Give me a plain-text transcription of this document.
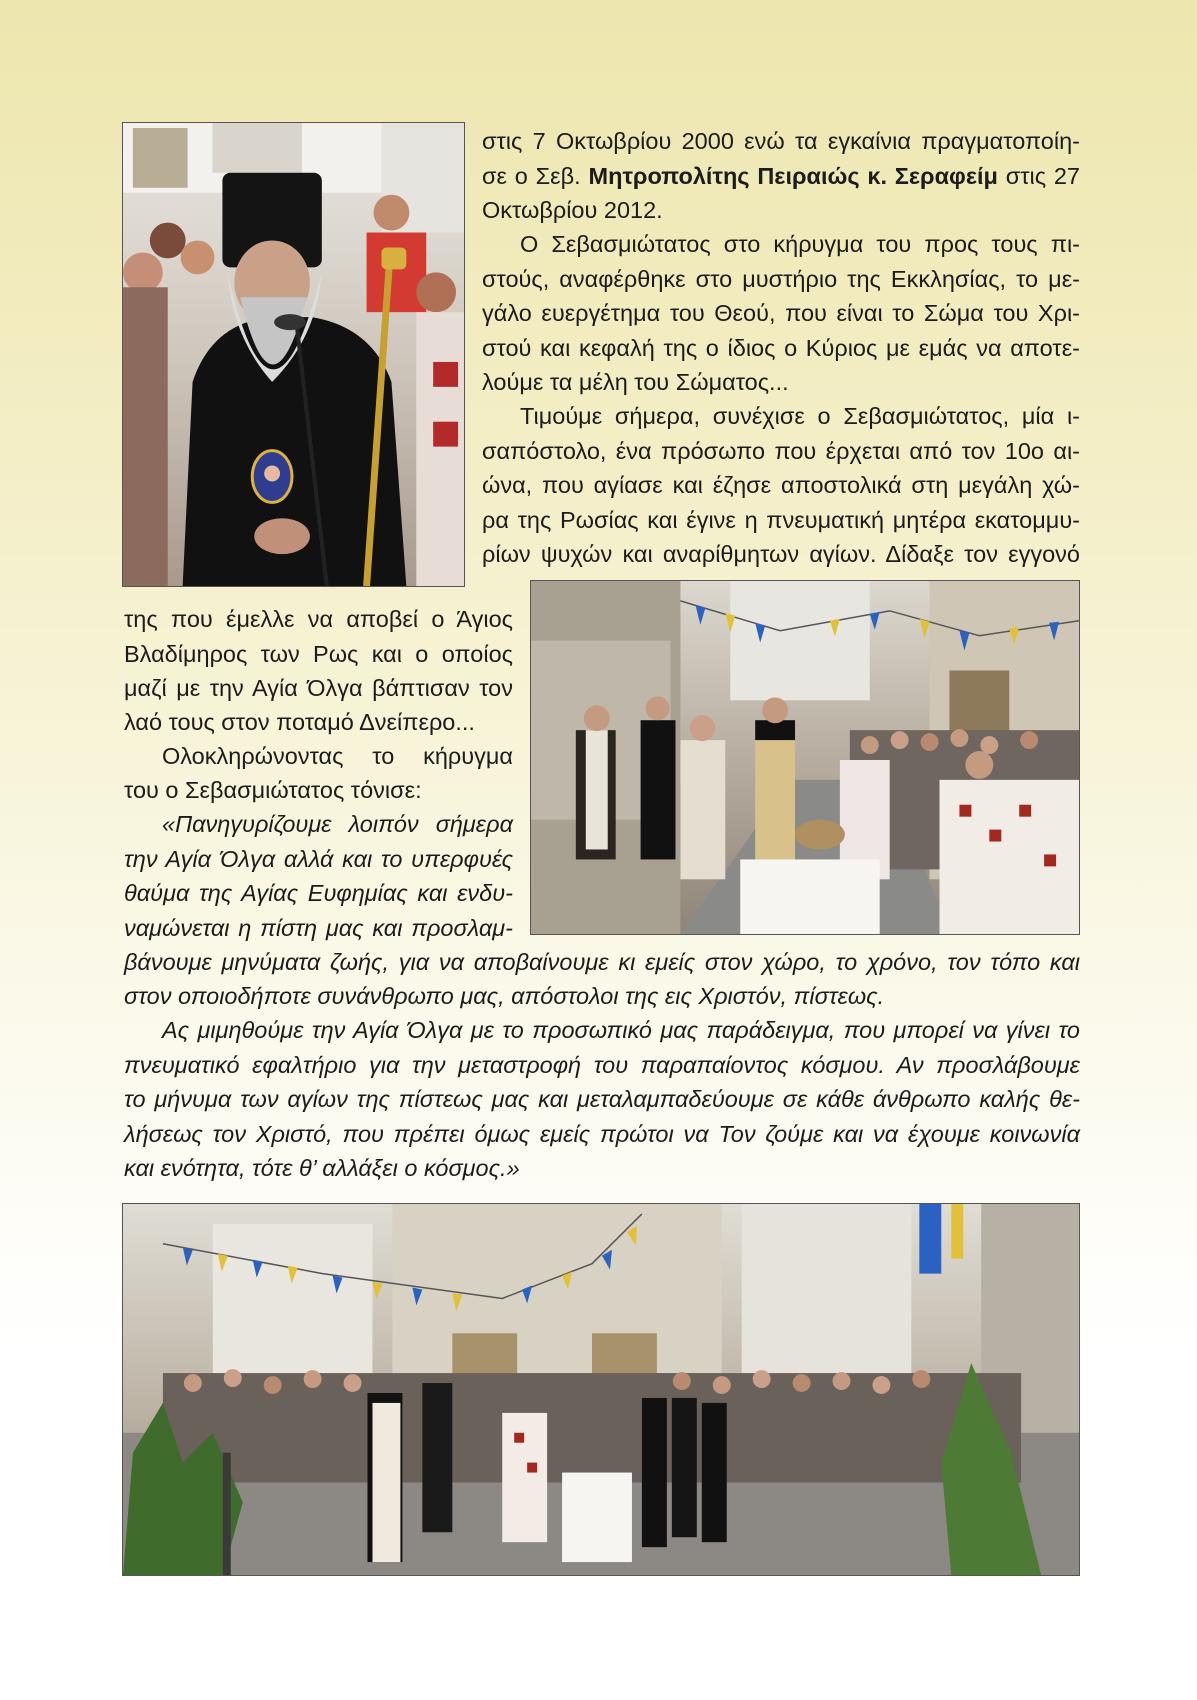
στις 7 Οκτωβρίου 2000 ενώ τα εγκαίνια πραγματοποίη-
σε ο Σεβ. Μητροπολίτης Πειραιώς κ. Σεραφείμ στις 27
Οκτωβρίου 2012.
Ο Σεβασμιώτατος στο κήρυγμα του προς τους πι-
στούς, αναφέρθηκε στο μυστήριο της Εκκλησίας, το με-
γάλο ευεργέτημα του Θεού, που είναι το Σώμα του Χρι-
στού και κεφαλή της ο ίδιος ο Κύριος με εμάς να αποτε-
λούμε τα μέλη του Σώματος...
Τιμούμε σήμερα, συνέχισε ο Σεβασμιώτατος, μία ι-
σαπόστολο, ένα πρόσωπο που έρχεται από τον 10ο αι-
ώνα, που αγίασε και έζησε αποστολικά στη μεγάλη χώ-
ρα της Ρωσίας και έγινε η πνευματική μητέρα εκατομμυ-
ρίων ψυχών και αναρίθμητων αγίων. Δίδαξε τον εγγονό
της που έμελλε να αποβεί ο Άγιος
Βλαδίμηρος των Ρως και ο οποίος
μαζί με την Αγία Όλγα βάπτισαν τον
λαό τους στον ποταμό Δνείπερο...
Ολοκληρώνοντας το κήρυγμα
του ο Σεβασμιώτατος τόνισε:
«Πανηγυρίζουμε λοιπόν σήμερα
την Αγία Όλγα αλλά και το υπερφυές
θαύμα της Αγίας Ευφημίας και ενδυ-
ναμώνεται η πίστη μας και προσλαμ-
βάνουμε μηνύματα ζωής, για να αποβαίνουμε κι εμείς στον χώρο, το χρόνο, τον τόπο και
στον οποιοδήποτε συνάνθρωπο μας, απόστολοι της εις Χριστόν, πίστεως.
Ας μιμηθούμε την Αγία Όλγα με το προσωπικό μας παράδειγμα, που μπορεί να γίνει το
πνευματικό εφαλτήριο για την μεταστροφή του παραπαίοντος κόσμου. Αν προσλάβουμε
το μήνυμα των αγίων της πίστεως μας και μεταλαμπαδεύουμε σε κάθε άνθρωπο καλής θε-
λήσεως τον Χριστό, που πρέπει όμως εμείς πρώτοι να Τον ζούμε και να έχουμε κοινωνία
και ενότητα, τότε θ’ αλλάξει ο κόσμος.»
